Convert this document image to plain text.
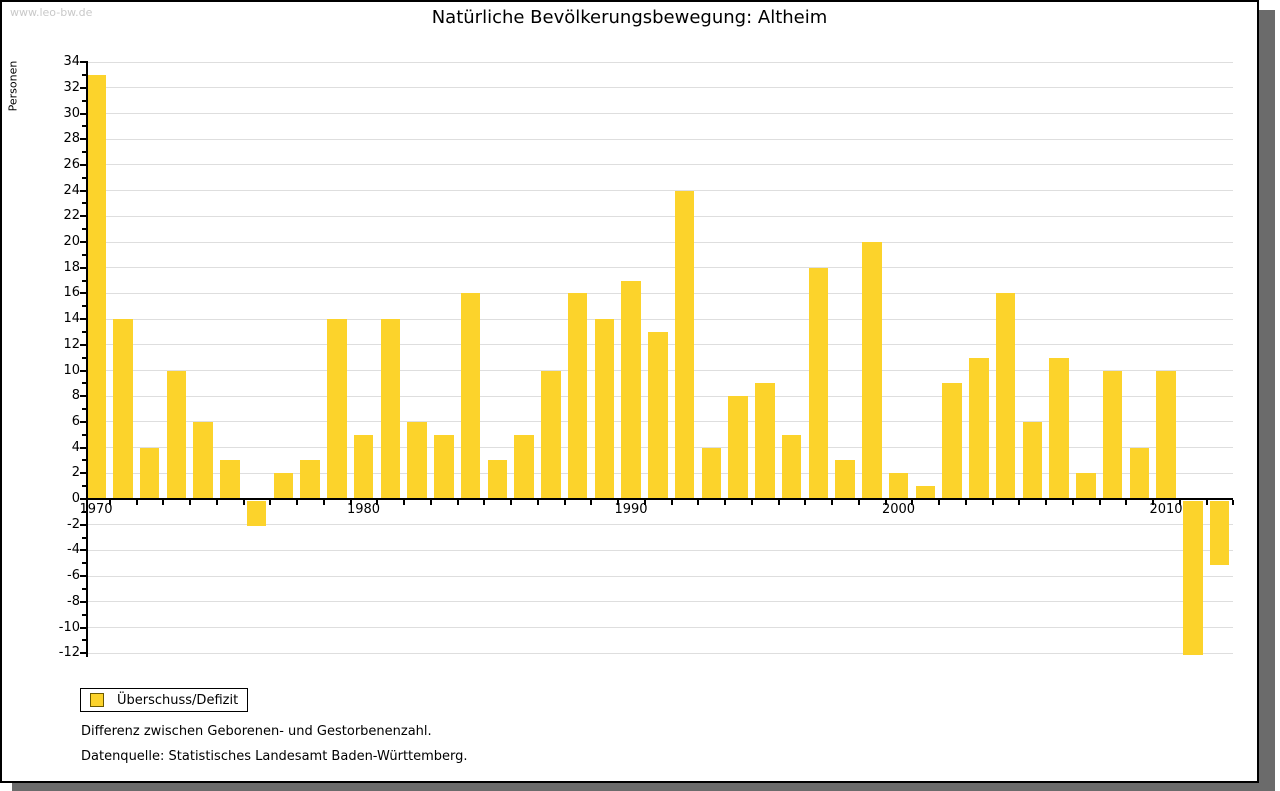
www.leo-bw.de	Natürliche Bevölkerungsbewegung: Altheim
Personen
-12
-10
-8
-6
-4
-2
0
2
4
6
8
10
12
14
16
18
20
22
24
26
28
30
32
34
1970	1980	1990	2000	2010
Überschuss/Defizit
Differenz zwischen Geborenen- und Gestorbenenzahl.
Datenquelle: Statistisches Landesamt Baden-Württemberg.
